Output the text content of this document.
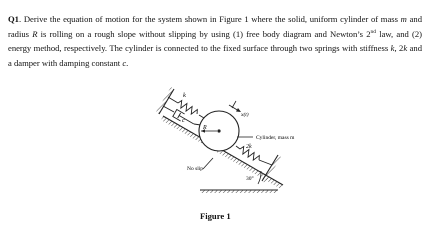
Q1. Derive the equation of motion for the system shown in Figure 1 where the solid, uniform cylinder of mass m and radius R is rolling on a rough slope without slipping by using (1) free body diagram and Newton’s 2nd law, and (2) energy method, respectively. The cylinder is connected to the fixed surface through two springs with stiffness k, 2k and a damper with damping constant c.
k
c
R
x(t)
Cylinder, mass m
2k
No slip
30°
Figure 1
